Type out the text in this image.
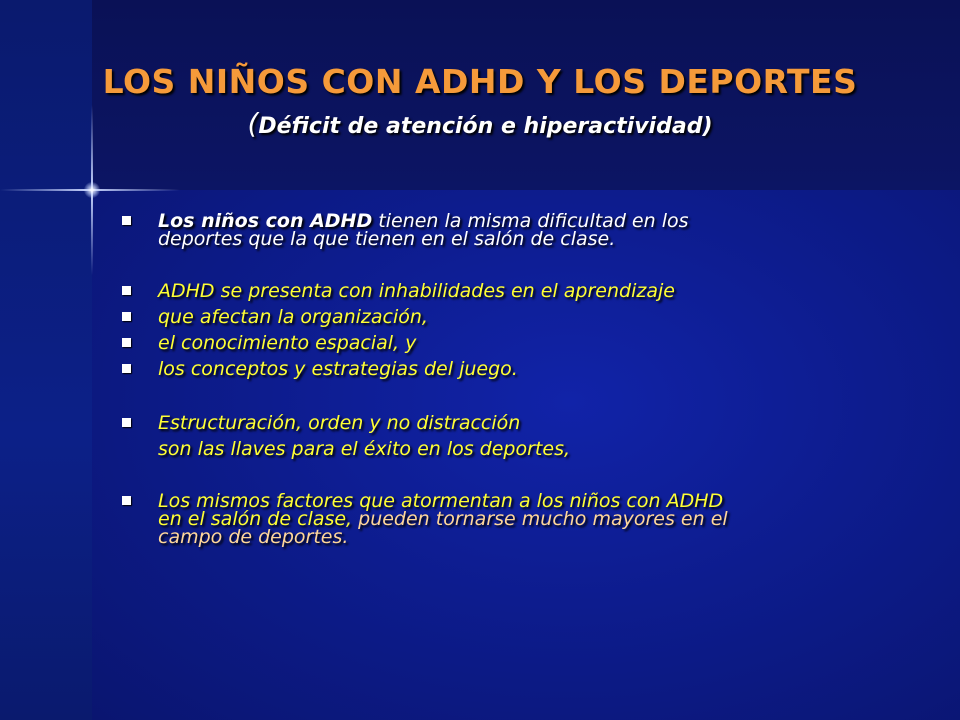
LOS NIÑOS CON ADHD Y LOS DEPORTES
(Déficit de atención e hiperactividad)
Los niños con ADHD tienen la misma dificultad en los
deportes que la que tienen en el salón de clase.
ADHD se presenta con inhabilidades en el aprendizaje
que afectan la organización,
el conocimiento espacial, y
los conceptos y estrategias del juego.
Estructuración, orden y no distracción
son las llaves para el éxito en los deportes,
Los mismos factores que atormentan a los niños con ADHD
en el salón de clase, pueden tornarse mucho mayores en el
campo de deportes.
